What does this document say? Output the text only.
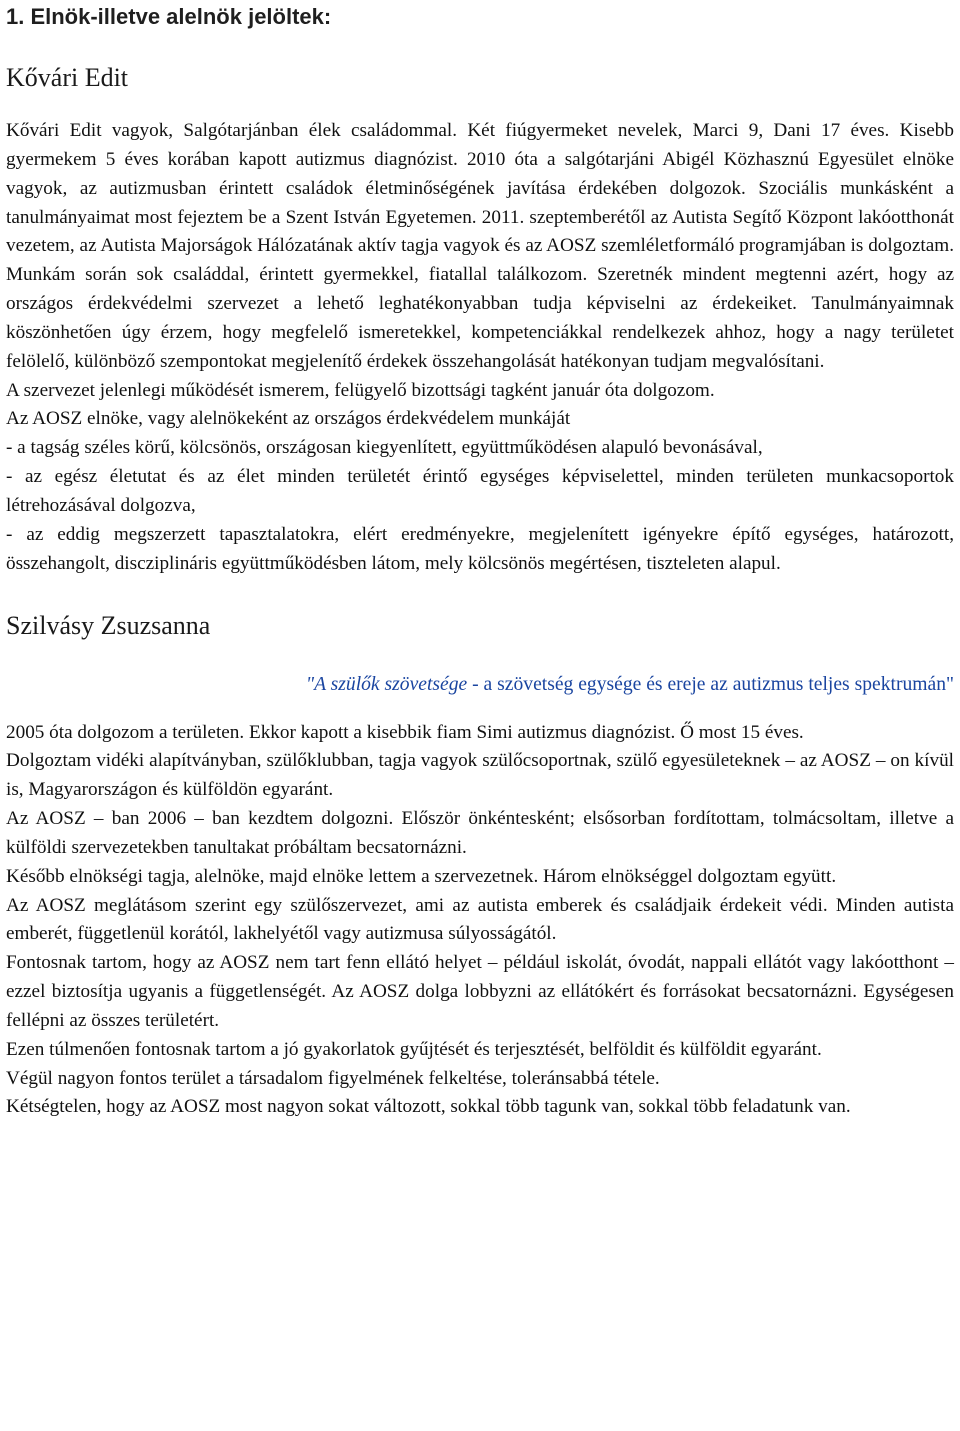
1. Elnök-illetve alelnök jelöltek:
Kővári Edit

Kővári Edit vagyok, Salgótarjánban élek családommal. Két fiúgyermeket nevelek, Marci 9, Dani 17 éves. Kisebb gyermekem 5 éves korában kapott autizmus diagnózist. 2010 óta a salgótarjáni Abigél Közhasznú Egyesület elnöke vagyok, az autizmusban érintett családok életminőségének javítása érdekében dolgozok. Szociális munkásként a tanulmányaimat most fejeztem be a Szent István Egyetemen. 2011. szeptemberétől az Autista Segítő Központ lakóotthonát vezetem, az Autista Majorságok Hálózatának aktív tagja vagyok és az AOSZ szemléletformáló programjában is dolgoztam. Munkám során sok családdal, érintett gyermekkel, fiatallal találkozom. Szeretnék mindent megtenni azért, hogy az országos érdekvédelmi szervezet a lehető leghatékonyabban tudja képviselni az érdekeiket. Tanulmányaimnak köszönhetően úgy érzem, hogy megfelelő ismeretekkel, kompetenciákkal rendelkezek ahhoz, hogy a nagy területet felölelő, különböző szempontokat megjelenítő érdekek összehangolását hatékonyan tudjam megvalósítani.

A szervezet jelenlegi működését ismerem, felügyelő bizottsági tagként január óta dolgozom.

Az AOSZ elnöke, vagy alelnökeként az országos érdekvédelem munkáját

- a tagság széles körű, kölcsönös, országosan kiegyenlített, együttműködésen alapuló bevonásával,

- az egész életutat és az élet minden területét érintő egységes képviselettel, minden területen munkacsoportok létrehozásával dolgozva,

- az eddig megszerzett tapasztalatokra, elért eredményekre, megjelenített igényekre építő egységes, határozott, összehangolt, discziplináris együttműködésben látom, mely kölcsönös megértésen, tiszteleten alapul.

Szilvásy Zsuzsanna
"A szülők szövetsége - a szövetség egysége és ereje az autizmus teljes spektrumán"

2005 óta dolgozom a területen. Ekkor kapott a kisebbik fiam Simi autizmus diagnózist. Ő most 15 éves.

Dolgoztam vidéki alapítványban, szülőklubban, tagja vagyok szülőcsoportnak, szülő egyesületeknek – az AOSZ – on kívül is, Magyarországon és külföldön egyaránt.

Az AOSZ – ban 2006 – ban kezdtem dolgozni. Először önkéntesként; elsősorban fordítottam, tolmácsoltam, illetve a külföldi szervezetekben tanultakat próbáltam becsatornázni.

Később elnökségi tagja, alelnöke, majd elnöke lettem a szervezetnek. Három elnökséggel dolgoztam együtt.

Az AOSZ meglátásom szerint egy szülőszervezet, ami az autista emberek és családjaik érdekeit védi. Minden autista emberét, függetlenül korától, lakhelyétől vagy autizmusa súlyosságától.

Fontosnak tartom, hogy az AOSZ nem tart fenn ellátó helyet – például iskolát, óvodát, nappali ellátót vagy lakóotthont – ezzel biztosítja ugyanis a függetlenségét. Az AOSZ dolga lobbyzni az ellátókért és forrásokat becsatornázni. Egységesen fellépni az összes területért.

Ezen túlmenően fontosnak tartom a jó gyakorlatok gyűjtését és terjesztését, belföldit és külföldit egyaránt.

Végül nagyon fontos terület a társadalom figyelmének felkeltése, toleránsabbá tétele.

Kétségtelen, hogy az AOSZ most nagyon sokat változott, sokkal több tagunk van, sokkal több feladatunk van.
